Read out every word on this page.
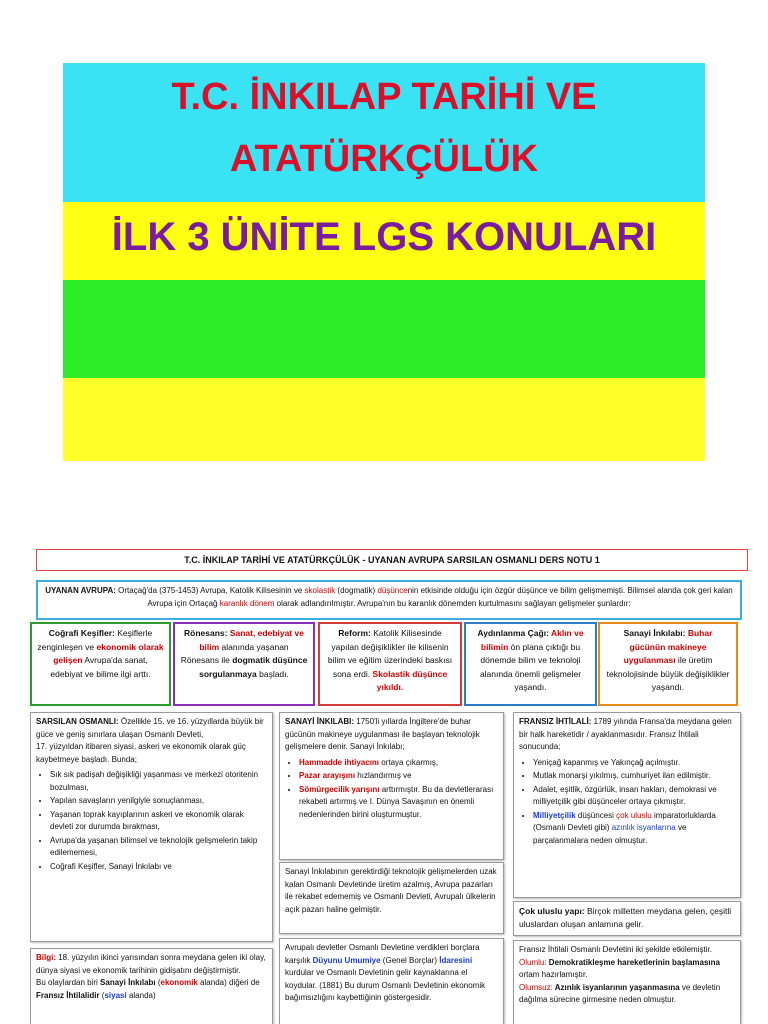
T.C. İNKILAP TARİHİ VE
ATATÜRKÇÜLÜK
İLK 3 ÜNİTE LGS KONULARI
T.C. İNKILAP TARİHİ VE ATATÜRKÇÜLÜK - UYANAN AVRUPA SARSILAN OSMANLI DERS NOTU 1
UYANAN AVRUPA: Ortaçağ'da (375-1453) Avrupa, Katolik Kilisesinin ve skolastik (dogmatik) düşüncenin etkisinde olduğu için özgür düşünce ve bilim gelişmemişti. Bilimsel alanda çok geri kalan Avrupa için Ortaçağ karanlık dönem olarak adlandırılmıştır. Avrupa'nın bu karanlık dönemden kurtulmasını sağlayan gelişmeler şunlardır:
Coğrafi Keşifler: Keşiflerle zenginleşen ve ekonomik olarak gelişen Avrupa'da sanat, edebiyat ve bilime ilgi arttı.
Rönesans: Sanat, edebiyat ve bilim alanında yaşanan Rönesans ile dogmatik düşünce sorgulanmaya başladı.
Reform: Katolik Kilisesinde yapılan değişiklikler ile kilisenin bilim ve eğitim üzerindeki baskısı sona erdi. Skolastik düşünce yıkıldı.
Aydınlanma Çağı: Aklın ve bilimin ön plana çıktığı bu dönemde bilim ve teknoloji alanında önemli gelişmeler yaşandı.
Sanayi İnkılabı: Buhar gücünün makineye uygulanması ile üretim teknolojisinde büyük değişiklikler yaşandı.

SARSILAN OSMANLI: Özellikle 15. ve 16. yüzyıllarda büyük bir güce ve geniş sınırlara ulaşan Osmanlı Devleti,

17. yüzyıldan itibaren siyasi, askeri ve ekonomik olarak güç kaybetmeye başladı. Bunda;

• Sık sık padişah değişikliği yaşanması ve merkezi otoritenin bozulması,
• Yapılan savaşların yenilgiyle sonuçlanması,
• Yaşanan toprak kayıplarının askeri ve ekonomik olarak devleti zor durumda bırakması,
• Avrupa'da yaşanan bilimsel ve teknolojik gelişmelerin takip edilememesi,
• Coğrafi Keşifler, Sanayi İnkılabı ve

Bilgi: 18. yüzyılın ikinci yarısından sonra meydana gelen iki olay, dünya siyasi ve ekonomik tarihinin gidişatını değiştirmiştir.

Bu olaylardan biri Sanayi İnkılabı (ekonomik alanda) diğeri de Fransız İhtilalidir (siyasi alanda)

SANAYİ İNKILABI: 1750'li yıllarda İngiltere'de buhar gücünün makineye uygulanması ile başlayan teknolojik gelişmelere denir. Sanayi İnkılabı;

• Hammadde ihtiyacını ortaya çıkarmış,
• Pazar arayışını hızlandırmış ve
• Sömürgecilik yarışını arttırmıştır. Bu da devletlerarası rekabeti artırmış ve I. Dünya Savaşının en önemli nedenlerinden birini oluşturmuştur.

Sanayi İnkılabının gerektirdiği teknolojik gelişmelerden uzak kalan Osmanlı Devletinde üretim azalmış, Avrupa pazarları ile rekabet edememiş ve Osmanlı Devleti, Avrupalı ülkelerin açık pazarı haline gelmiştir.

Avrupalı devletler Osmanlı Devletine verdikleri borçlara karşılık Düyunu Umumiye (Genel Borçlar) İdaresini kurdular ve Osmanlı Devletinin gelir kaynaklarına el koydular. (1881) Bu durum Osmanlı Devletinin ekonomik bağımsızlığını kaybettiğinin göstergesidir.

FRANSIZ İHTİLALİ: 1789 yılında Fransa'da meydana gelen bir halk hareketidir / ayaklanmasıdır. Fransız İhtilali sonucunda;

• Yeniçağ kapanmış ve Yakınçağ açılmıştır.
• Mutlak monarşi yıkılmış, cumhuriyet ilan edilmiştir.
• Adalet, eşitlik, özgürlük, insan hakları, demokrasi ve milliyetçilik gibi düşünceler ortaya çıkmıştır.
• Milliyetçilik düşüncesi çok uluslu imparatorluklarda (Osmanlı Devleti gibi) azınlık isyanlarına ve parçalanmalara neden olmuştur.

Çok uluslu yapı: Birçok milletten meydana gelen, çeşitli uluslardan oluşan anlamına gelir.

Fransız İhtilali Osmanlı Devletini iki şekilde etkilemiştir.

Olumlu: Demokratikleşme hareketlerinin başlamasına ortam hazırlamıştır.

Olumsuz: Azınlık isyanlarının yaşanmasına ve devletin dağılma sürecine girmesine neden olmuştur.
